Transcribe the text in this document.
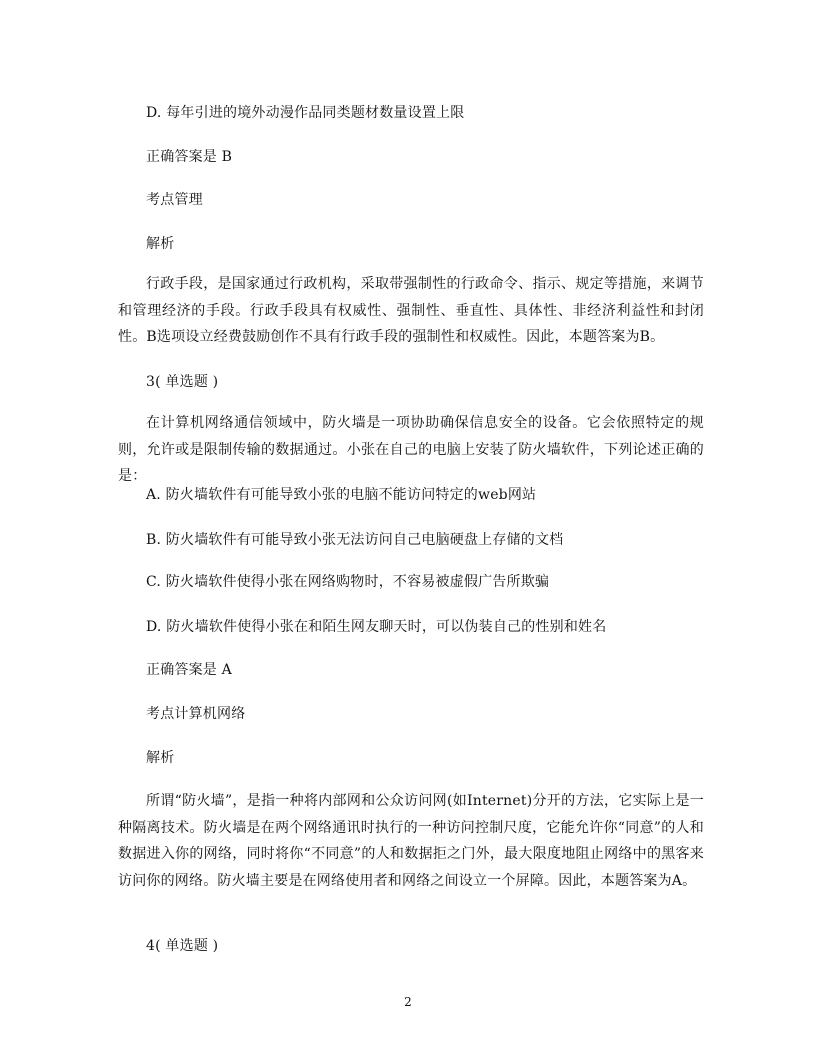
D. 每年引进的境外动漫作品同类题材数量设置上限
正确答案是 B
考点管理
解析
行政手段，是国家通过行政机构，采取带强制性的行政命令、指示、规定等措施，来调节和管理经济的手段。行政手段具有权威性、强制性、垂直性、具体性、非经济利益性和封闭性。B选项设立经费鼓励创作不具有行政手段的强制性和权威性。因此，本题答案为B。
3( 单选题 )
在计算机网络通信领域中，防火墙是一项协助确保信息安全的设备。它会依照特定的规则，允许或是限制传输的数据通过。小张在自己的电脑上安装了防火墙软件，下列论述正确的是：
A. 防火墙软件有可能导致小张的电脑不能访问特定的web网站
B. 防火墙软件有可能导致小张无法访问自己电脑硬盘上存储的文档
C. 防火墙软件使得小张在网络购物时，不容易被虚假广告所欺骗
D. 防火墙软件使得小张在和陌生网友聊天时，可以伪装自己的性别和姓名
正确答案是 A
考点计算机网络
解析
所谓“防火墙”，是指一种将内部网和公众访问网(如Internet)分开的方法，它实际上是一种隔离技术。防火墙是在两个网络通讯时执行的一种访问控制尺度，它能允许你“同意”的人和数据进入你的网络，同时将你“不同意”的人和数据拒之门外，最大限度地阻止网络中的黑客来访问你的网络。防火墙主要是在网络使用者和网络之间设立一个屏障。因此，本题答案为A。
4( 单选题 )
2
